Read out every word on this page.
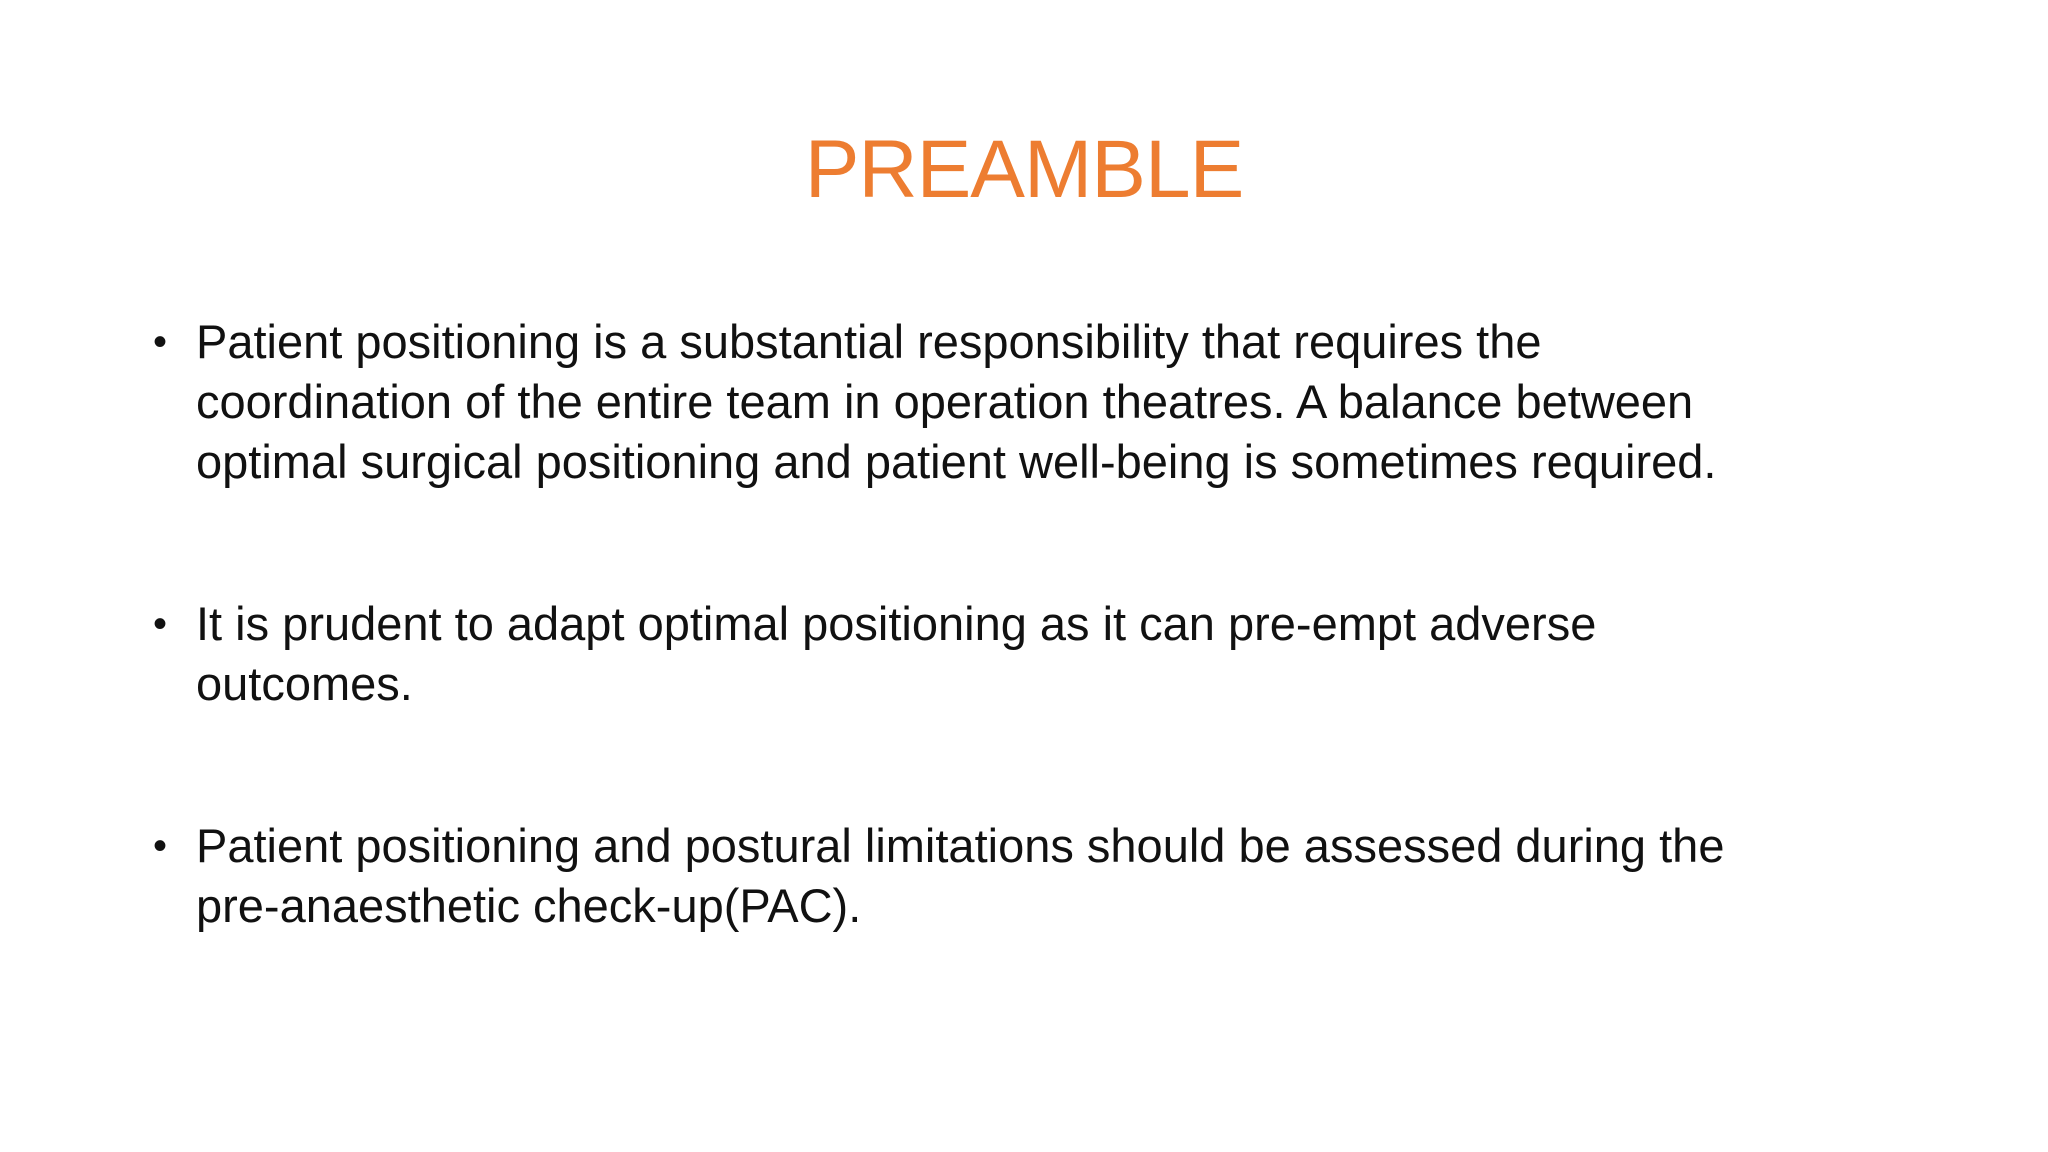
PREAMBLE
• Patient positioning is a substantial responsibility that requires the
coordination of the entire team in operation theatres. A balance between
optimal surgical positioning and patient well-being is sometimes required.
• It is prudent to adapt optimal positioning as it can pre-empt adverse
outcomes.
• Patient positioning and postural limitations should be assessed during the
pre-anaesthetic check-up(PAC).
